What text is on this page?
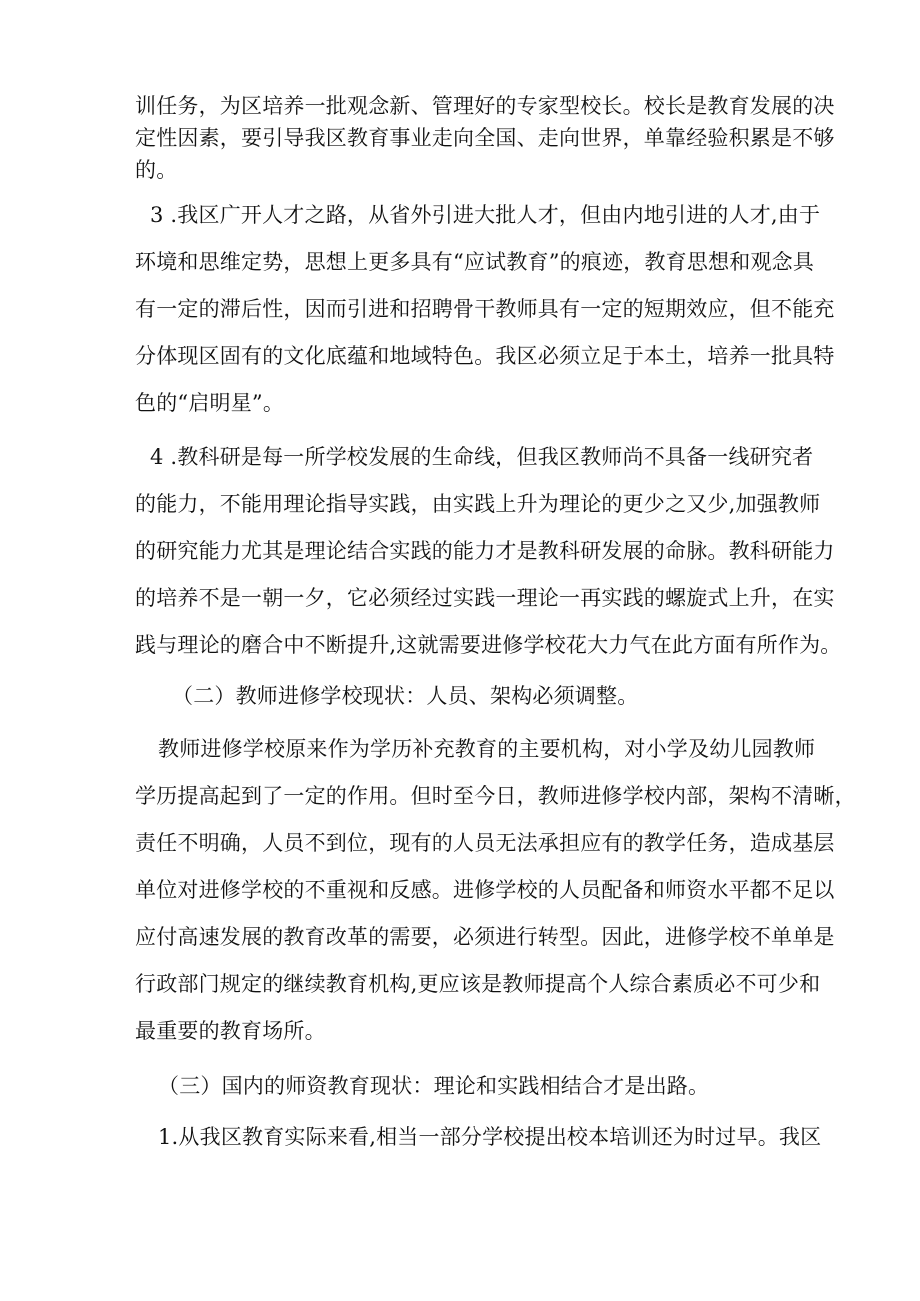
训任务，为区培养一批观念新、管理好的专家型校长。校长是教育发展的决
定性因素，要引导我区教育事业走向全国、走向世界，单靠经验积累是不够
的。
3 .我区广开人才之路，从省外引进大批人才，但由内地引进的人才,由于
环境和思维定势，思想上更多具有“应试教育”的痕迹，教育思想和观念具
有一定的滞后性，因而引进和招聘骨干教师具有一定的短期效应，但不能充
分体现区固有的文化底蕴和地域特色。我区必须立足于本土，培养一批具特
色的“启明星”。
4 .教科研是每一所学校发展的生命线，但我区教师尚不具备一线研究者
的能力，不能用理论指导实践，由实践上升为理论的更少之又少,加强教师
的研究能力尤其是理论结合实践的能力才是教科研发展的命脉。教科研能力
的培养不是一朝一夕，它必须经过实践一理论一再实践的螺旋式上升，在实
践与理论的磨合中不断提升,这就需要进修学校花大力气在此方面有所作为。
（二）教师进修学校现状：人员、架构必须调整。
教师进修学校原来作为学历补充教育的主要机构，对小学及幼儿园教师
学历提高起到了一定的作用。但时至今日，教师进修学校内部，架构不清晰，
责任不明确，人员不到位，现有的人员无法承担应有的教学任务，造成基层
单位对进修学校的不重视和反感。进修学校的人员配备和师资水平都不足以
应付高速发展的教育改革的需要，必须进行转型。因此，进修学校不单单是
行政部门规定的继续教育机构,更应该是教师提高个人综合素质必不可少和
最重要的教育场所。
（三）国内的师资教育现状：理论和实践相结合才是出路。
1.从我区教育实际来看,相当一部分学校提出校本培训还为时过早。我区
